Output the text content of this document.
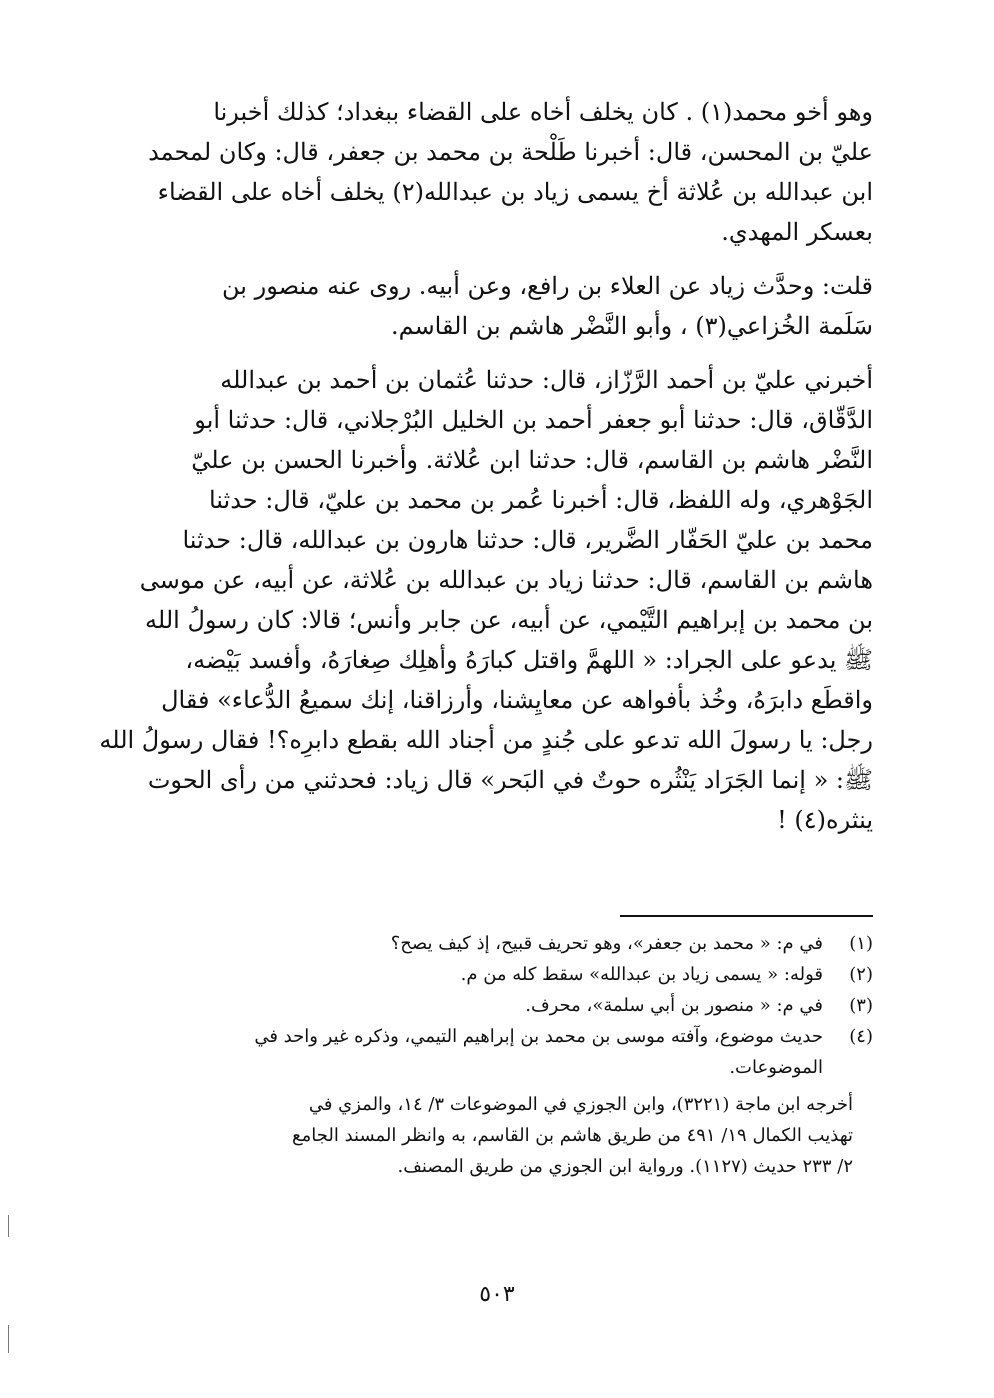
وهو أخو محمد(١) . كان يخلف أخاه على القضاء ببغداد؛ كذلك أخبرنا
عليّ بن المحسن، قال: أخبرنا طَلْحة بن محمد بن جعفر، قال: وكان لمحمد
ابن عبدالله بن عُلاثة أخ يسمى زياد بن عبدالله(٢) يخلف أخاه على القضاء
بعسكر المهدي.

قلت: وحدَّث زياد عن العلاء بن رافع، وعن أبيه. روى عنه منصور بن
سَلَمة الخُزاعي(٣) ، وأبو النَّضْر هاشم بن القاسم.

أخبرني عليّ بن أحمد الرَّزّاز، قال: حدثنا عُثمان بن أحمد بن عبدالله
الدَّقّاق، قال: حدثنا أبو جعفر أحمد بن الخليل البُرْجلاني، قال: حدثنا أبو
النَّضْر هاشم بن القاسم، قال: حدثنا ابن عُلاثة. وأخبرنا الحسن بن عليّ
الجَوْهري، وله اللفظ، قال: أخبرنا عُمر بن محمد بن عليّ، قال: حدثنا
محمد بن عليّ الحَفّار الضَّرير، قال: حدثنا هارون بن عبدالله، قال: حدثنا
هاشم بن القاسم، قال: حدثنا زياد بن عبدالله بن عُلاثة، عن أبيه، عن موسى
بن محمد بن إبراهيم التَّيْمي، عن أبيه، عن جابر وأنس؛ قالا: كان رسولُ الله
ﷺ يدعو على الجراد: « اللهمَّ واقتل كبارَهُ وأهلِك صِغارَهُ، وأفسد بَيْضه،
واقطَع دابرَهُ، وخُذ بأفواهه عن معايِشنا، وأرزاقنا، إنك سميعُ الدُّعاء» فقال
رجل: يا رسولَ الله تدعو على جُندٍ من أجناد الله بقطع دابرِه؟! فقال رسولُ الله
ﷺ: « إنما الجَرَاد يَنْثُره حوتٌ في البَحر» قال زياد: فحدثني من رأى الحوت
ينثره(٤) !

(١)
في م: « محمد بن جعفر»، وهو تحريف قبيح، إذ كيف يصح؟
(٢)
قوله: « يسمى زياد بن عبدالله» سقط كله من م.
(٣)
في م: « منصور بن أبي سلمة»، محرف.
(٤)
حديث موضوع، وآفته موسى بن محمد بن إبراهيم التيمي، وذكره غير واحد في
الموضوعات.
أخرجه ابن ماجة (٣٢٢١)، وابن الجوزي في الموضوعات ٣/ ١٤، والمزي في
تهذيب الكمال ١٩/ ٤٩١ من طريق هاشم بن القاسم، به وانظر المسند الجامع
٢/ ٢٣٣ حديث (١١٢٧). ورواية ابن الجوزي من طريق المصنف.
٥٠٣
